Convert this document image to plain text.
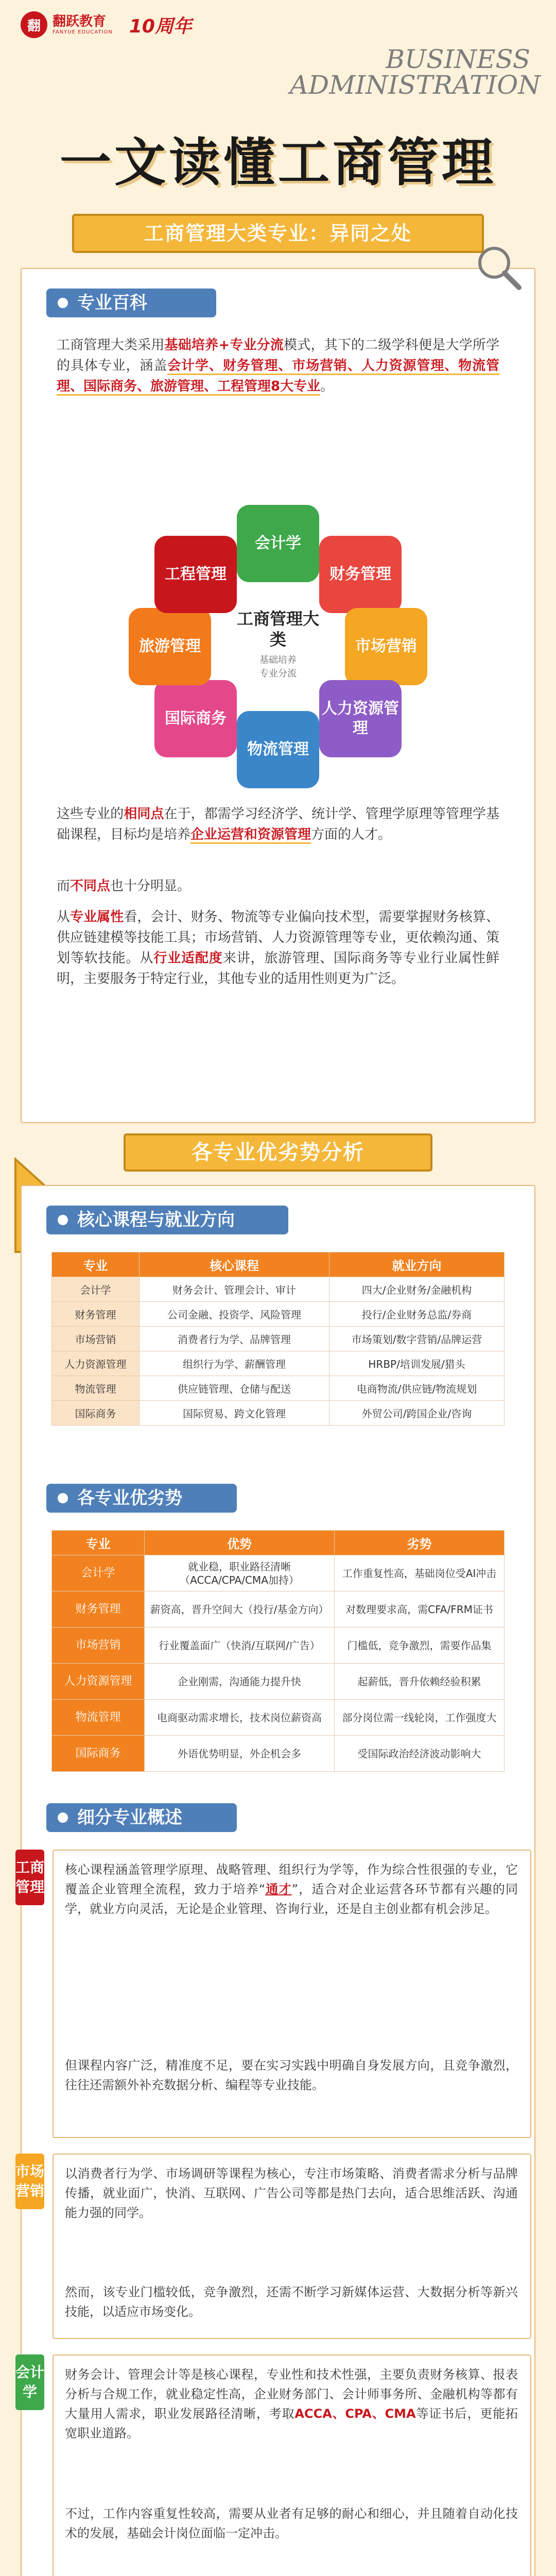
翻 翻跃教育
FANYUE EDUCATION 10周年
BUSINESS
ADMINISTRATION
一文读懂工商管理
工商管理大类专业：异同之处
专业百科
工商管理大类采用基础培养+专业分流模式，其下的二级学科便是大学所学的具体专业，涵盖会计学、财务管理、市场营销、人力资源管理、物流管理、国际商务、旅游管理、工程管理8大专业。
会计学
财务管理
市场营销
人力资源管理
物流管理
国际商务
旅游管理
工程管理
工商管理大类
基础培养
专业分流
这些专业的相同点在于，都需学习经济学、统计学、管理学原理等管理学基础课程，目标均是培养企业运营和资源管理方面的人才。
而不同点也十分明显。
从专业属性看，会计、财务、物流等专业偏向技术型，需要掌握财务核算、供应链建模等技能工具；市场营销、人力资源管理等专业，更依赖沟通、策划等软技能。从行业适配度来讲，旅游管理、国际商务等专业行业属性鲜明，主要服务于特定行业，其他专业的适用性则更为广泛。
各专业优劣势分析
核心课程与就业方向
专业	核心课程	就业方向
会计学	财务会计、管理会计、审计	四大/企业财务/金融机构
财务管理	公司金融、投资学、风险管理	投行/企业财务总监/券商
市场营销	消费者行为学、品牌管理	市场策划/数字营销/品牌运营
人力资源管理	组织行为学、薪酬管理	HRBP/培训发展/猎头
物流管理	供应链管理、仓储与配送	电商物流/供应链/物流规划
国际商务	国际贸易、跨文化管理	外贸公司/跨国企业/咨询
各专业优劣势
专业	优势	劣势
会计学	就业稳，职业路径清晰（ACCA/CPA/CMA加持）	工作重复性高，基础岗位受AI冲击
财务管理	薪资高，晋升空间大（投行/基金方向）	对数理要求高，需CFA/FRM证书
市场营销	行业覆盖面广（快消/互联网/广告）	门槛低，竞争激烈，需要作品集
人力资源管理	企业刚需，沟通能力提升快	起薪低，晋升依赖经验积累
物流管理	电商驱动需求增长，技术岗位薪资高	部分岗位需一线轮岗，工作强度大
国际商务	外语优势明显，外企机会多	受国际政治经济波动影响大
细分专业概述
工商管理
核心课程涵盖管理学原理、战略管理、组织行为学等，作为综合性很强的专业，它覆盖企业管理全流程，致力于培养“通才”，适合对企业运营各环节都有兴趣的同学，就业方向灵活，无论是企业管理、咨询行业，还是自主创业都有机会涉足。
但课程内容广泛，精准度不足，要在实习实践中明确自身发展方向，且竞争激烈，往往还需额外补充数据分析、编程等专业技能。
市场营销
以消费者行为学、市场调研等课程为核心，专注市场策略、消费者需求分析与品牌传播，就业面广，快消、互联网、广告公司等都是热门去向，适合思维活跃、沟通能力强的同学。
然而，该专业门槛较低，竞争激烈，还需不断学习新媒体运营、大数据分析等新兴技能，以适应市场变化。
会计学
财务会计、管理会计等是核心课程，专业性和技术性强，主要负责财务核算、报表分析与合规工作，就业稳定性高，企业财务部门、会计师事务所、金融机构等都有大量用人需求，职业发展路径清晰，考取ACCA、CPA、CMA等证书后，更能拓宽职业道路。
不过，工作内容重复性较高，需要从业者有足够的耐心和细心，并且随着自动化技术的发展，基础会计岗位面临一定冲击。
